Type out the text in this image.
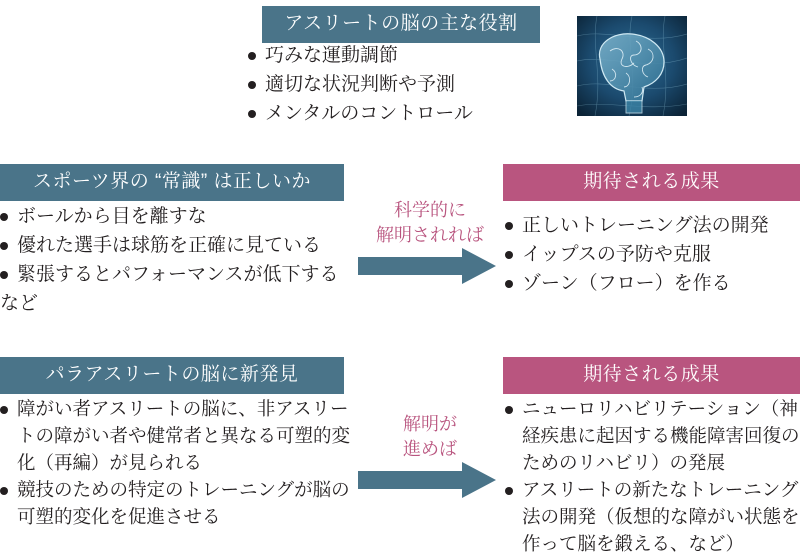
アスリートの脳の主な役割
巧みな運動調節
適切な状況判断や予測
メンタルのコントロール
スポーツ界の “常識” は正しいか
ボールから目を離すな
優れた選手は球筋を正確に見ている
緊張するとパフォーマンスが低下する
など
科学的に
解明されれば
期待される成果
正しいトレーニング法の開発
イップスの予防や克服
ゾーン（フロー）を作る
パラアスリートの脳に新発見
障がい者アスリートの脳に、非アスリートの障がい者や健常者と異なる可塑的変化（再編）が見られる
競技のための特定のトレーニングが脳の可塑的変化を促進させる
解明が
進めば
期待される成果
ニューロリハビリテーション（神経疾患に起因する機能障害回復のためのリハビリ）の発展
アスリートの新たなトレーニング法の開発（仮想的な障がい状態を作って脳を鍛える、など）
